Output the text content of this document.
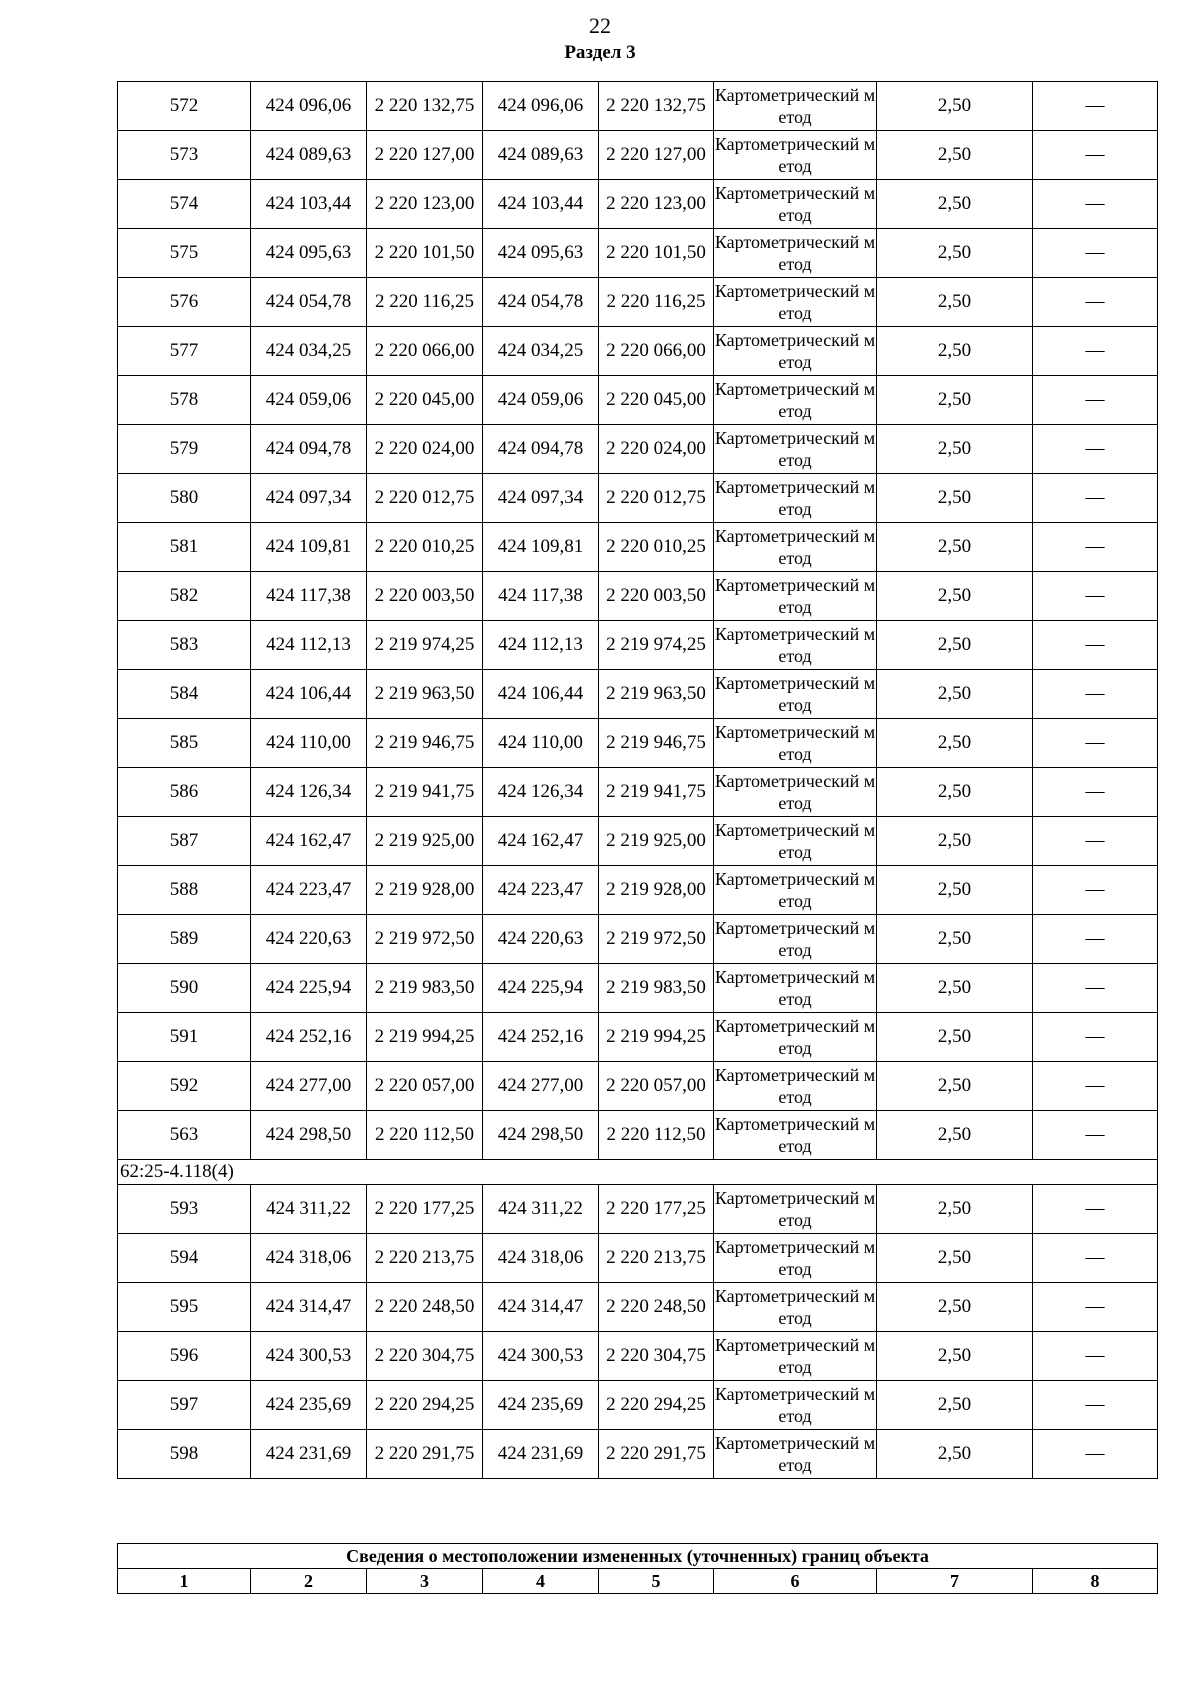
22
Раздел 3
572	424 096,06	2 220 132,75	424 096,06	2 220 132,75	Картометрический метод	2,50	—
573	424 089,63	2 220 127,00	424 089,63	2 220 127,00	Картометрический метод	2,50	—
574	424 103,44	2 220 123,00	424 103,44	2 220 123,00	Картометрический метод	2,50	—
575	424 095,63	2 220 101,50	424 095,63	2 220 101,50	Картометрический метод	2,50	—
576	424 054,78	2 220 116,25	424 054,78	2 220 116,25	Картометрический метод	2,50	—
577	424 034,25	2 220 066,00	424 034,25	2 220 066,00	Картометрический метод	2,50	—
578	424 059,06	2 220 045,00	424 059,06	2 220 045,00	Картометрический метод	2,50	—
579	424 094,78	2 220 024,00	424 094,78	2 220 024,00	Картометрический метод	2,50	—
580	424 097,34	2 220 012,75	424 097,34	2 220 012,75	Картометрический метод	2,50	—
581	424 109,81	2 220 010,25	424 109,81	2 220 010,25	Картометрический метод	2,50	—
582	424 117,38	2 220 003,50	424 117,38	2 220 003,50	Картометрический метод	2,50	—
583	424 112,13	2 219 974,25	424 112,13	2 219 974,25	Картометрический метод	2,50	—
584	424 106,44	2 219 963,50	424 106,44	2 219 963,50	Картометрический метод	2,50	—
585	424 110,00	2 219 946,75	424 110,00	2 219 946,75	Картометрический метод	2,50	—
586	424 126,34	2 219 941,75	424 126,34	2 219 941,75	Картометрический метод	2,50	—
587	424 162,47	2 219 925,00	424 162,47	2 219 925,00	Картометрический метод	2,50	—
588	424 223,47	2 219 928,00	424 223,47	2 219 928,00	Картометрический метод	2,50	—
589	424 220,63	2 219 972,50	424 220,63	2 219 972,50	Картометрический метод	2,50	—
590	424 225,94	2 219 983,50	424 225,94	2 219 983,50	Картометрический метод	2,50	—
591	424 252,16	2 219 994,25	424 252,16	2 219 994,25	Картометрический метод	2,50	—
592	424 277,00	2 220 057,00	424 277,00	2 220 057,00	Картометрический метод	2,50	—
563	424 298,50	2 220 112,50	424 298,50	2 220 112,50	Картометрический метод	2,50	—
62:25-4.118(4)							
593	424 311,22	2 220 177,25	424 311,22	2 220 177,25	Картометрический метод	2,50	—
594	424 318,06	2 220 213,75	424 318,06	2 220 213,75	Картометрический метод	2,50	—
595	424 314,47	2 220 248,50	424 314,47	2 220 248,50	Картометрический метод	2,50	—
596	424 300,53	2 220 304,75	424 300,53	2 220 304,75	Картометрический метод	2,50	—
597	424 235,69	2 220 294,25	424 235,69	2 220 294,25	Картометрический метод	2,50	—
598	424 231,69	2 220 291,75	424 231,69	2 220 291,75	Картометрический метод	2,50	—
Сведения о местоположении измененных (уточненных) границ объекта
1	2	3	4	5	6	7	8
